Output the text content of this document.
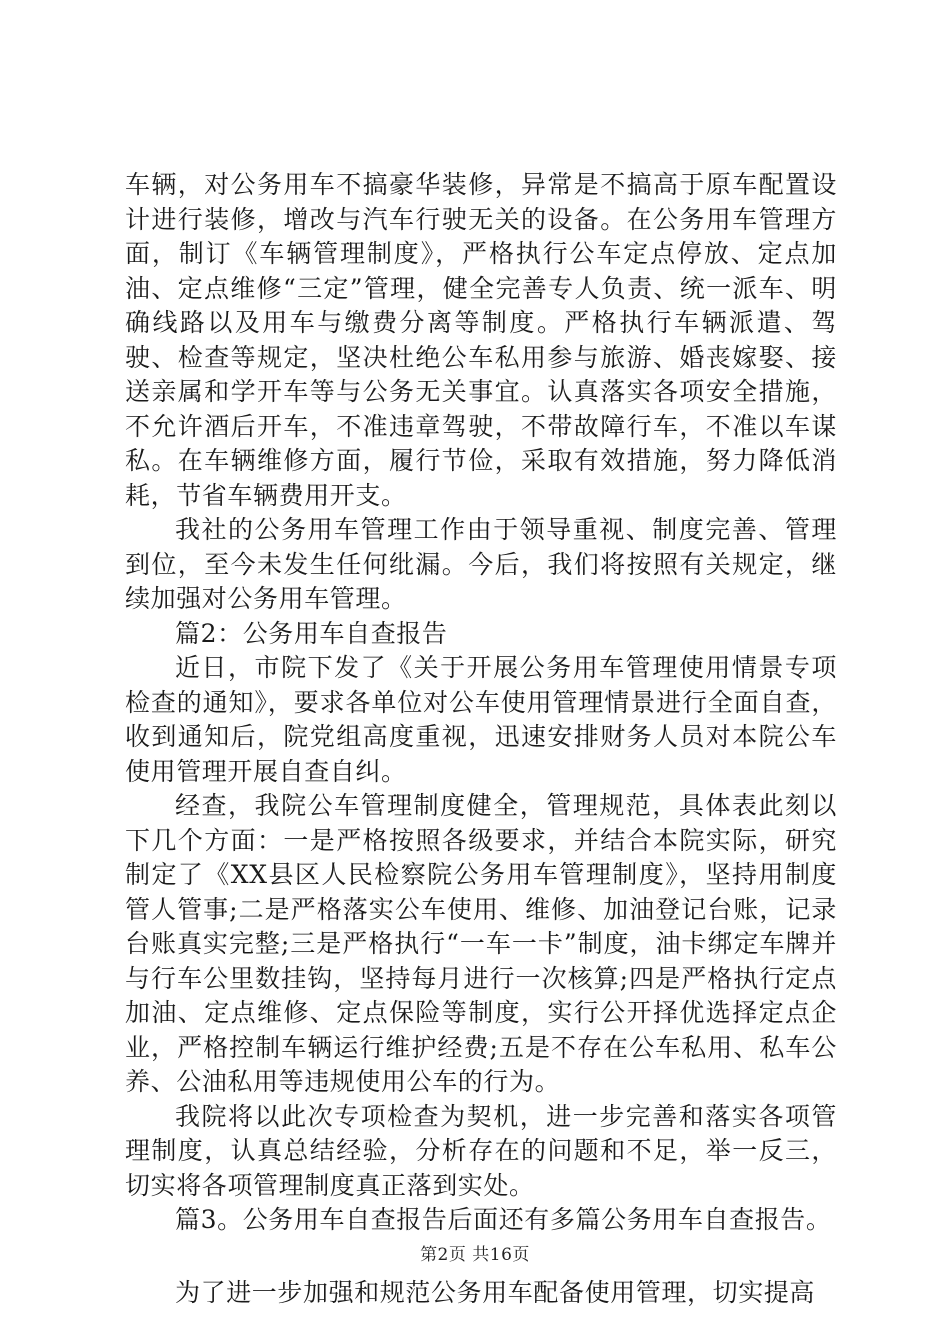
车辆，对公务用车不搞豪华装修，异常是不搞高于原车配置设计进行装修，增改与汽车行驶无关的设备。在公务用车管理方面，制订《车辆管理制度》，严格执行公车定点停放、定点加油、定点维修“三定”管理，健全完善专人负责、统一派车、明确线路以及用车与缴费分离等制度。严格执行车辆派遣、驾驶、检查等规定，坚决杜绝公车私用参与旅游、婚丧嫁娶、接送亲属和学开车等与公务无关事宜。认真落实各项安全措施，不允许酒后开车，不准违章驾驶，不带故障行车，不准以车谋私。在车辆维修方面，履行节俭，采取有效措施，努力降低消耗，节省车辆费用开支。

我社的公务用车管理工作由于领导重视、制度完善、管理到位，至今未发生任何纰漏。今后，我们将按照有关规定，继续加强对公务用车管理。

篇2：公务用车自查报告

近日，市院下发了《关于开展公务用车管理使用情景专项检查的通知》，要求各单位对公车使用管理情景进行全面自查，收到通知后，院党组高度重视，迅速安排财务人员对本院公车使用管理开展自查自纠。

经查，我院公车管理制度健全，管理规范，具体表此刻以下几个方面：一是严格按照各级要求，并结合本院实际，研究制定了《XX县区人民检察院公务用车管理制度》，坚持用制度管人管事;二是严格落实公车使用、维修、加油登记台账，记录台账真实完整;三是严格执行“一车一卡”制度，油卡绑定车牌并与行车公里数挂钩，坚持每月进行一次核算;四是严格执行定点加油、定点维修、定点保险等制度，实行公开择优选择定点企业，严格控制车辆运行维护经费;五是不存在公车私用、私车公养、公油私用等违规使用公车的行为。

我院将以此次专项检查为契机，进一步完善和落实各项管理制度，认真总结经验，分析存在的问题和不足，举一反三，切实将各项管理制度真正落到实处。

篇3。公务用车自查报告后面还有多篇公务用车自查报告。

为了进一步加强和规范公务用车配备使用管理，切实提高

第2页 共16页
